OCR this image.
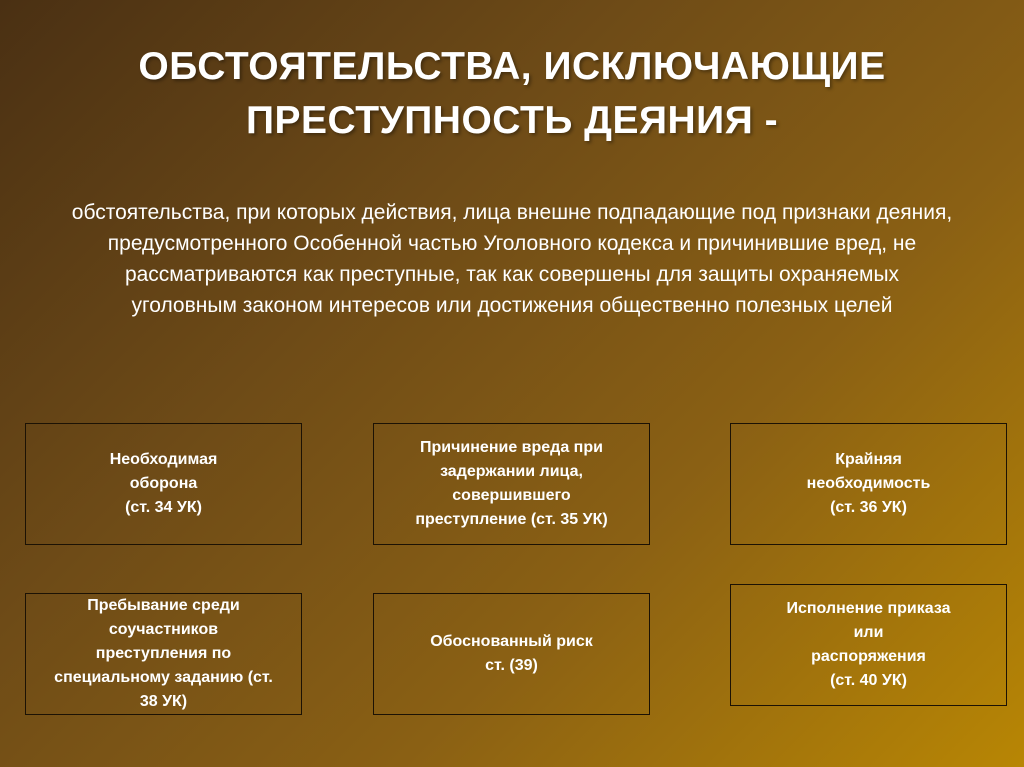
ОБСТОЯТЕЛЬСТВА, ИСКЛЮЧАЮЩИЕ
ПРЕСТУПНОСТЬ ДЕЯНИЯ -
обстоятельства, при которых действия, лица внешне подпадающие под признаки деяния, предусмотренного Особенной частью Уголовного кодекса и причинившие вред, не рассматриваются как преступные, так как совершены для защиты охраняемых уголовным законом интересов или достижения общественно полезных целей
Необходимая
оборона
(ст. 34 УК)
Причинение вреда при
задержании лица,
совершившего
преступление (ст. 35 УК)
Крайняя
необходимость
(ст. 36 УК)
Пребывание среди
соучастников
преступления по
специальному заданию (ст.
38 УК)
Обоснованный риск
ст. (39)
Исполнение приказа
или
распоряжения
(ст. 40 УК)
